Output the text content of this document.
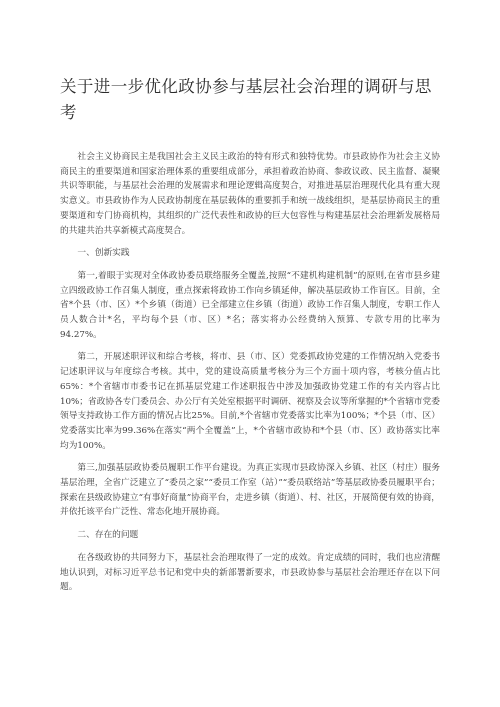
关于进一步优化政协参与基层社会治理的调研与思考

社会主义协商民主是我国社会主义民主政治的特有形式和独特优势。市县政协作为社会主义协商民主的重要渠道和国家治理体系的重要组成部分，承担着政治协商、参政议政、民主监督、凝聚共识等职能，与基层社会治理的发展需求和理论逻辑高度契合，对推进基层治理现代化具有重大现实意义。市县政协作为人民政协制度在基层载体的重要抓手和统一战线组织，是基层协商民主的重要渠道和专门协商机构，其组织的广泛代表性和政协的巨大包容性与构建基层社会治理新发展格局的共建共治共享新模式高度契合。

一、创新实践

第一,着眼于实现对全体政协委员联络服务全覆盖,按照“不建机构建机制”的原则,在省市县乡建立四级政协工作召集人制度，重点探索将政协工作向乡镇延伸，解决基层政协工作盲区。目前，全省*个县（市、区）*个乡镇（街道）已全部建立住乡镇（街道）政协工作召集人制度，专职工作人员人数合计*名，平均每个县（市、区）*名；落实将办公经费纳入预算、专款专用的比率为94.27%。

第二，开展述职评议和综合考核，将市、县（市、区）党委抓政协党建的工作情况纳入党委书记述职评议与年度综合考核。其中，党的建设高质量考核分为三个方面十项内容，考核分值占比65%：*个省辖市市委书记在抓基层党建工作述职报告中涉及加强政协党建工作的有关内容占比10%；省政协各专门委员会、办公厅有关处室根据平时调研、视察及会议等所掌握的*个省辖市党委领导支持政协工作方面的情况占比25%。目前,*个省辖市党委落实比率为100%；*个县（市、区）党委落实比率为99.36%在落实“两个全覆盖”上，*个省辖市政协和*个县（市、区）政协落实比率均为100%。

第三,加强基层政协委员履职工作平台建设。为真正实现市县政协深入乡镇、社区（村庄）服务基层治理，全省广泛建立了“委员之家”“委员工作室（站）”“委员联络站”等基层政协委员履职平台；探索在县级政协建立“有事好商量”协商平台，走进乡镇（街道）、村、社区，开展简便有效的协商，并依托该平台广泛性、常态化地开展协商。

二、存在的问题

在各级政协的共同努力下，基层社会治理取得了一定的成效。肯定成绩的同时，我们也应清醒地认识到，对标习近平总书记和党中央的新部署新要求，市县政协参与基层社会治理还存在以下问题。
